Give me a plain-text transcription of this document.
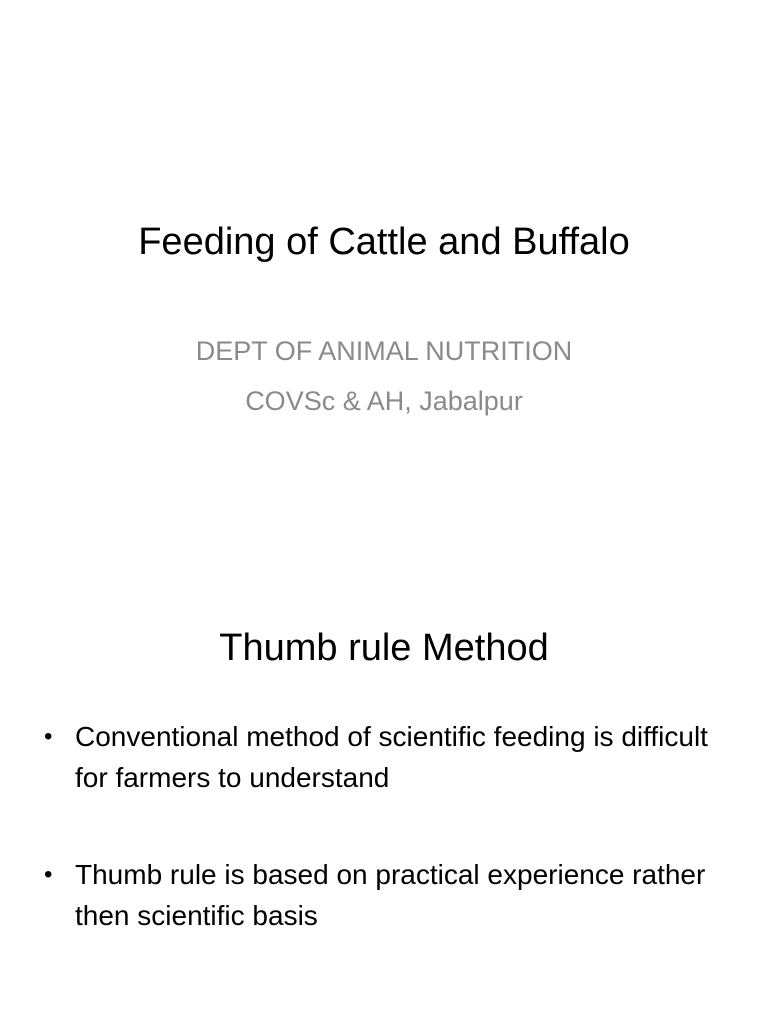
Feeding of Cattle and Buffalo
DEPT OF ANIMAL NUTRITION
COVSc & AH, Jabalpur
Thumb rule Method
• Conventional method of scientific feeding is difficult for farmers to understand
• Thumb rule is based on practical experience rather then scientific basis
